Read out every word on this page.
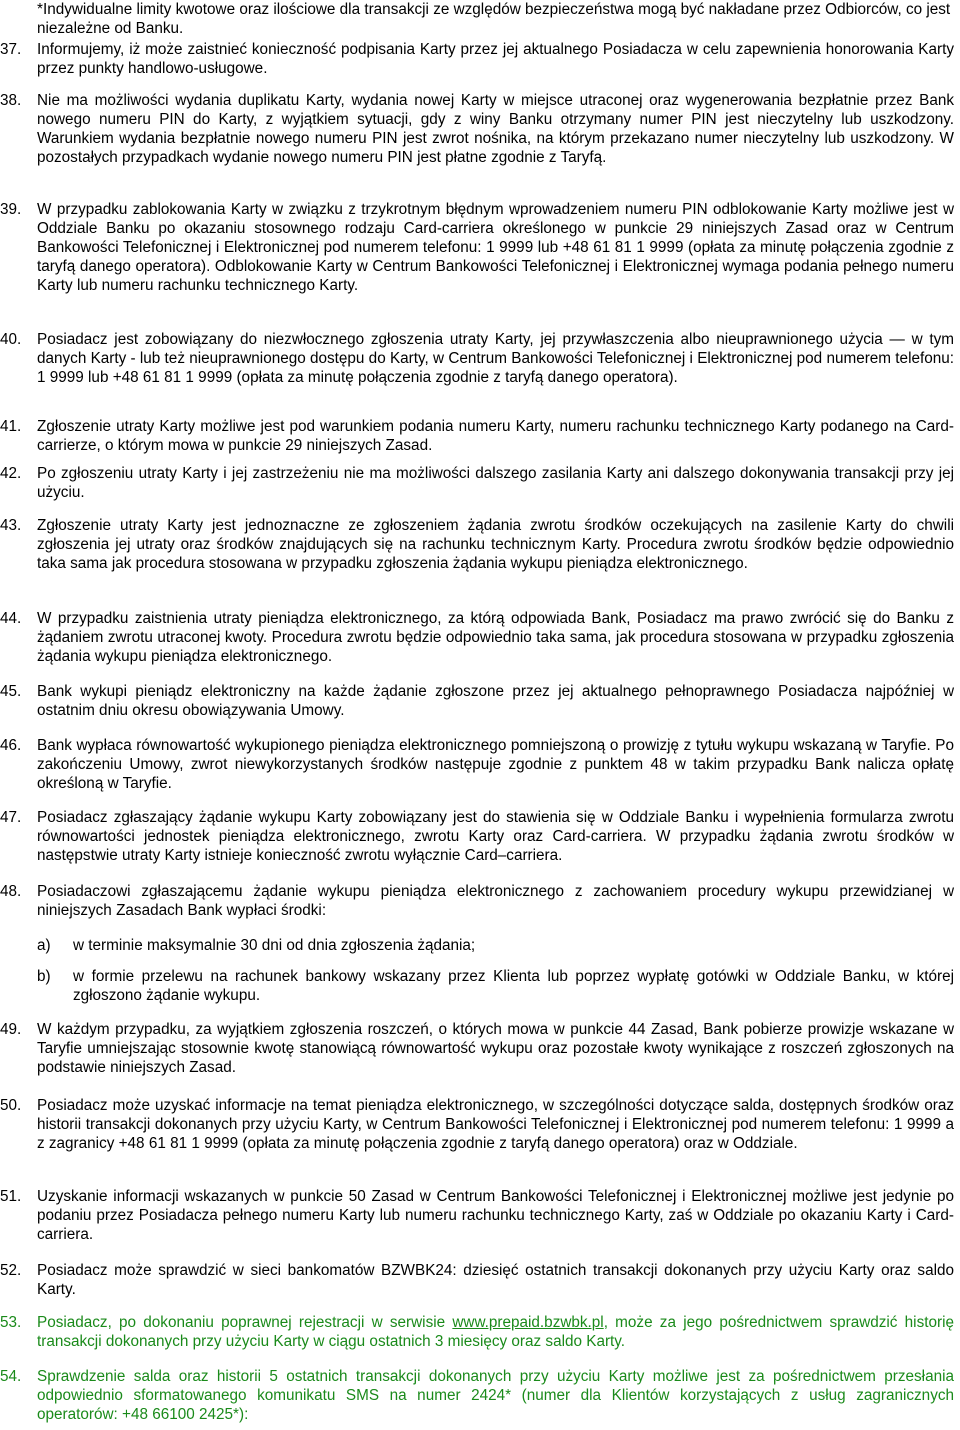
*Indywidualne limity kwotowe oraz ilościowe dla transakcji ze względów bezpieczeństwa mogą być nakładane przez Odbiorców, co jest niezależne od Banku.
37.	Informujemy, iż może zaistnieć konieczność podpisania Karty przez jej aktualnego Posiadacza w celu zapewnienia honorowania Karty przez punkty handlowo-usługowe.
38.	Nie ma możliwości wydania duplikatu Karty, wydania nowej Karty w miejsce utraconej oraz wygenerowania bezpłatnie przez Bank nowego numeru PIN do Karty, z wyjątkiem sytuacji, gdy z winy Banku otrzymany numer PIN jest nieczytelny lub uszkodzony. Warunkiem wydania bezpłatnie nowego numeru PIN jest zwrot nośnika, na którym przekazano numer nieczytelny lub uszkodzony. W pozostałych przypadkach wydanie nowego numeru PIN jest płatne zgodnie z Taryfą.
39.	W przypadku zablokowania Karty w związku z trzykrotnym błędnym wprowadzeniem numeru PIN odblokowanie Karty możliwe jest w Oddziale Banku po okazaniu stosownego rodzaju Card-carriera określonego w punkcie 29 niniejszych Zasad oraz w Centrum Bankowości Telefonicznej i Elektronicznej pod numerem telefonu: 1 9999 lub +48 61 81 1 9999 (opłata za minutę połączenia zgodnie z taryfą danego operatora). Odblokowanie Karty w Centrum Bankowości Telefonicznej i Elektronicznej wymaga podania pełnego numeru Karty lub numeru rachunku technicznego Karty.
40.	Posiadacz jest zobowiązany do niezwłocznego zgłoszenia utraty Karty, jej przywłaszczenia albo nieuprawnionego użycia — w tym danych Karty - lub też nieuprawnionego dostępu do Karty, w Centrum Bankowości Telefonicznej i Elektronicznej pod numerem telefonu: 1 9999 lub +48 61 81 1 9999 (opłata za minutę połączenia zgodnie z taryfą danego operatora).
41.	Zgłoszenie utraty Karty możliwe jest pod warunkiem podania numeru Karty, numeru rachunku technicznego Karty podanego na Card-carrierze, o którym mowa w punkcie 29 niniejszych Zasad.
42.	Po zgłoszeniu utraty Karty i jej zastrzeżeniu nie ma możliwości dalszego zasilania Karty ani dalszego dokonywania transakcji przy jej użyciu.
43.	Zgłoszenie utraty Karty jest jednoznaczne ze zgłoszeniem żądania zwrotu środków oczekujących na zasilenie Karty do chwili zgłoszenia jej utraty oraz środków znajdujących się na rachunku technicznym Karty. Procedura zwrotu środków będzie odpowiednio taka sama jak procedura stosowana w przypadku zgłoszenia żądania wykupu pieniądza elektronicznego.
44.	W przypadku zaistnienia utraty pieniądza elektronicznego, za którą odpowiada Bank, Posiadacz ma prawo zwrócić się do Banku z żądaniem zwrotu utraconej kwoty. Procedura zwrotu będzie odpowiednio taka sama, jak procedura stosowana w przypadku zgłoszenia żądania wykupu pieniądza elektronicznego.
45.	Bank wykupi pieniądz elektroniczny na każde żądanie zgłoszone przez jej aktualnego pełnoprawnego Posiadacza najpóźniej w ostatnim dniu okresu obowiązywania Umowy.
46.	Bank wypłaca równowartość wykupionego pieniądza elektronicznego pomniejszoną o prowizję z tytułu wykupu wskazaną w Taryfie. Po zakończeniu Umowy, zwrot niewykorzystanych środków następuje zgodnie z punktem 48 w takim przypadku Bank nalicza opłatę określoną w Taryfie.
47.	Posiadacz zgłaszający żądanie wykupu Karty zobowiązany jest do stawienia się w Oddziale Banku i wypełnienia formularza zwrotu równowartości jednostek pieniądza elektronicznego, zwrotu Karty oraz Card-carriera. W przypadku żądania zwrotu środków w następstwie utraty Karty istnieje konieczność zwrotu wyłącznie Card–carriera.
48.	Posiadaczowi zgłaszającemu żądanie wykupu pieniądza elektronicznego z zachowaniem procedury wykupu przewidzianej w niniejszych Zasadach Bank wypłaci środki:
a)	w terminie maksymalnie 30 dni od dnia zgłoszenia żądania;
b)	w formie przelewu na rachunek bankowy wskazany przez Klienta lub poprzez wypłatę gotówki w Oddziale Banku, w której zgłoszono żądanie wykupu.
49.	W każdym przypadku, za wyjątkiem zgłoszenia roszczeń, o których mowa w punkcie 44 Zasad, Bank pobierze prowizje wskazane w Taryfie umniejszając stosownie kwotę stanowiącą równowartość wykupu oraz pozostałe kwoty wynikające z roszczeń zgłoszonych na podstawie niniejszych Zasad.
50.	Posiadacz może uzyskać informacje na temat pieniądza elektronicznego, w szczególności dotyczące salda, dostępnych środków oraz historii transakcji dokonanych przy użyciu Karty, w Centrum Bankowości Telefonicznej i Elektronicznej pod numerem telefonu: 1 9999 a z zagranicy +48 61 81 1 9999 (opłata za minutę połączenia zgodnie z taryfą danego operatora) oraz w Oddziale.
51.	Uzyskanie informacji wskazanych w punkcie 50 Zasad w Centrum Bankowości Telefonicznej i Elektronicznej możliwe jest jedynie po podaniu przez Posiadacza pełnego numeru Karty lub numeru rachunku technicznego Karty, zaś w Oddziale po okazaniu Karty i Card-carriera.
52.	Posiadacz może sprawdzić w sieci bankomatów BZWBK24: dziesięć ostatnich transakcji dokonanych przy użyciu Karty oraz saldo Karty.
53.	Posiadacz, po dokonaniu poprawnej rejestracji w serwisie www.prepaid.bzwbk.pl, może za jego pośrednictwem sprawdzić historię transakcji dokonanych przy użyciu Karty w ciągu ostatnich 3 miesięcy oraz saldo Karty.
54.	Sprawdzenie salda oraz historii 5 ostatnich transakcji dokonanych przy użyciu Karty możliwe jest za pośrednictwem przesłania odpowiednio sformatowanego komunikatu SMS na numer 2424* (numer dla Klientów korzystających z usług zagranicznych operatorów: +48 66100 2425*):
